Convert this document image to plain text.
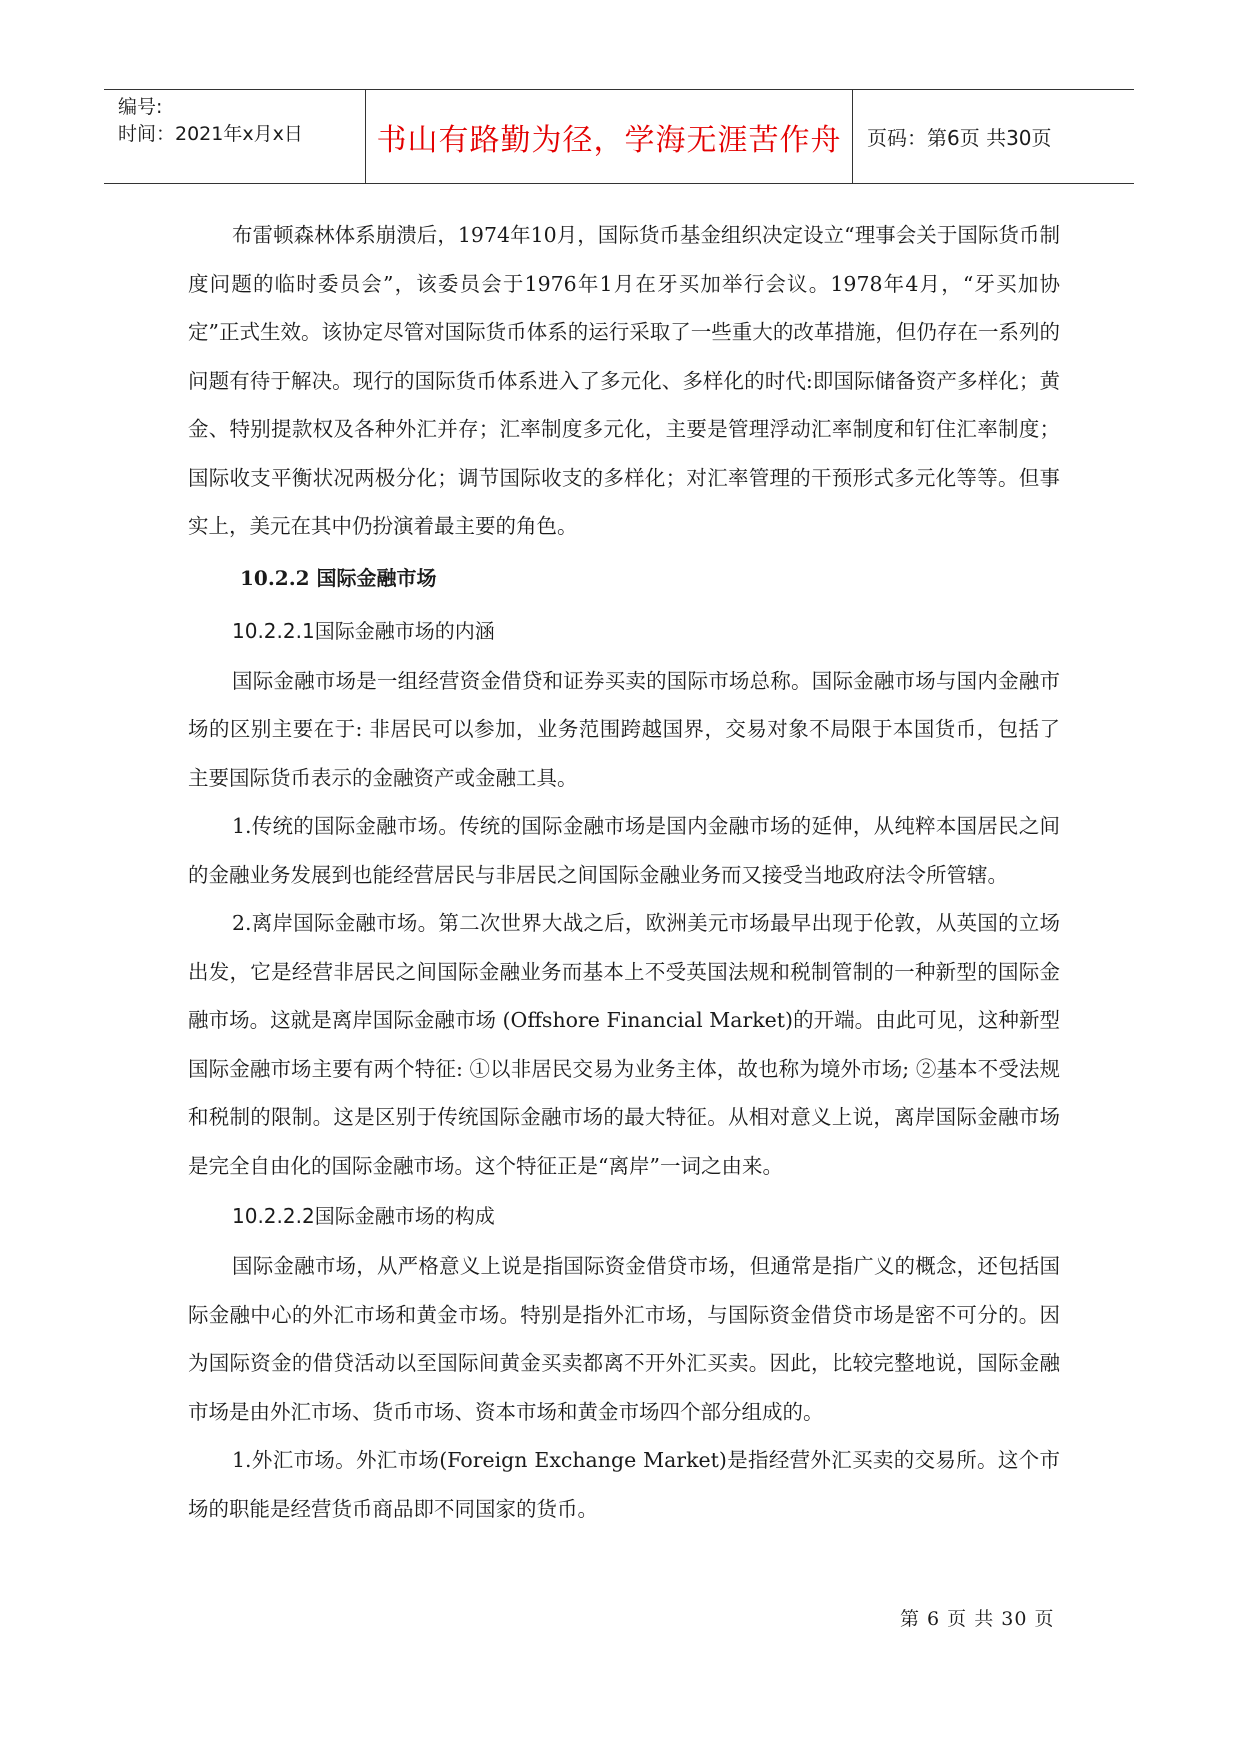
编号:
时间：2021年x月x日	书山有路勤为径，学海无涯苦作舟	页码：第6页 共30页

布雷顿森林体系崩溃后，1974年10月，国际货币基金组织决定设立“理事会关于国际货币制度问题的临时委员会”，该委员会于1976年1月在牙买加举行会议。1978年4月，“牙买加协定”正式生效。该协定尽管对国际货币体系的运行采取了一些重大的改革措施，但仍存在一系列的问题有待于解决。现行的国际货币体系进入了多元化、多样化的时代:即国际储备资产多样化；黄金、特别提款权及各种外汇并存；汇率制度多元化，主要是管理浮动汇率制度和钉住汇率制度；国际收支平衡状况两极分化；调节国际收支的多样化；对汇率管理的干预形式多元化等等。但事实上，美元在其中仍扮演着最主要的角色。

10.2.2 国际金融市场

10.2.2.1国际金融市场的内涵

国际金融市场是一组经营资金借贷和证券买卖的国际市场总称。国际金融市场与国内金融市场的区别主要在于: 非居民可以参加，业务范围跨越国界，交易对象不局限于本国货币，包括了主要国际货币表示的金融资产或金融工具。

1.传统的国际金融市场。传统的国际金融市场是国内金融市场的延伸，从纯粹本国居民之间的金融业务发展到也能经营居民与非居民之间国际金融业务而又接受当地政府法令所管辖。

2.离岸国际金融市场。第二次世界大战之后，欧洲美元市场最早出现于伦敦，从英国的立场出发，它是经营非居民之间国际金融业务而基本上不受英国法规和税制管制的一种新型的国际金融市场。这就是离岸国际金融市场 (Offshore Financial Market)的开端。由此可见，这种新型国际金融市场主要有两个特征: ①以非居民交易为业务主体，故也称为境外市场; ②基本不受法规和税制的限制。这是区别于传统国际金融市场的最大特征。从相对意义上说，离岸国际金融市场是完全自由化的国际金融市场。这个特征正是“离岸”一词之由来。

10.2.2.2国际金融市场的构成

国际金融市场，从严格意义上说是指国际资金借贷市场，但通常是指广义的概念，还包括国际金融中心的外汇市场和黄金市场。特别是指外汇市场，与国际资金借贷市场是密不可分的。因为国际资金的借贷活动以至国际间黄金买卖都离不开外汇买卖。因此，比较完整地说，国际金融市场是由外汇市场、货币市场、资本市场和黄金市场四个部分组成的。

1.外汇市场。外汇市场(Foreign Exchange Market)是指经营外汇买卖的交易所。这个市场的职能是经营货币商品即不同国家的货币。

第 6 页 共 30 页
